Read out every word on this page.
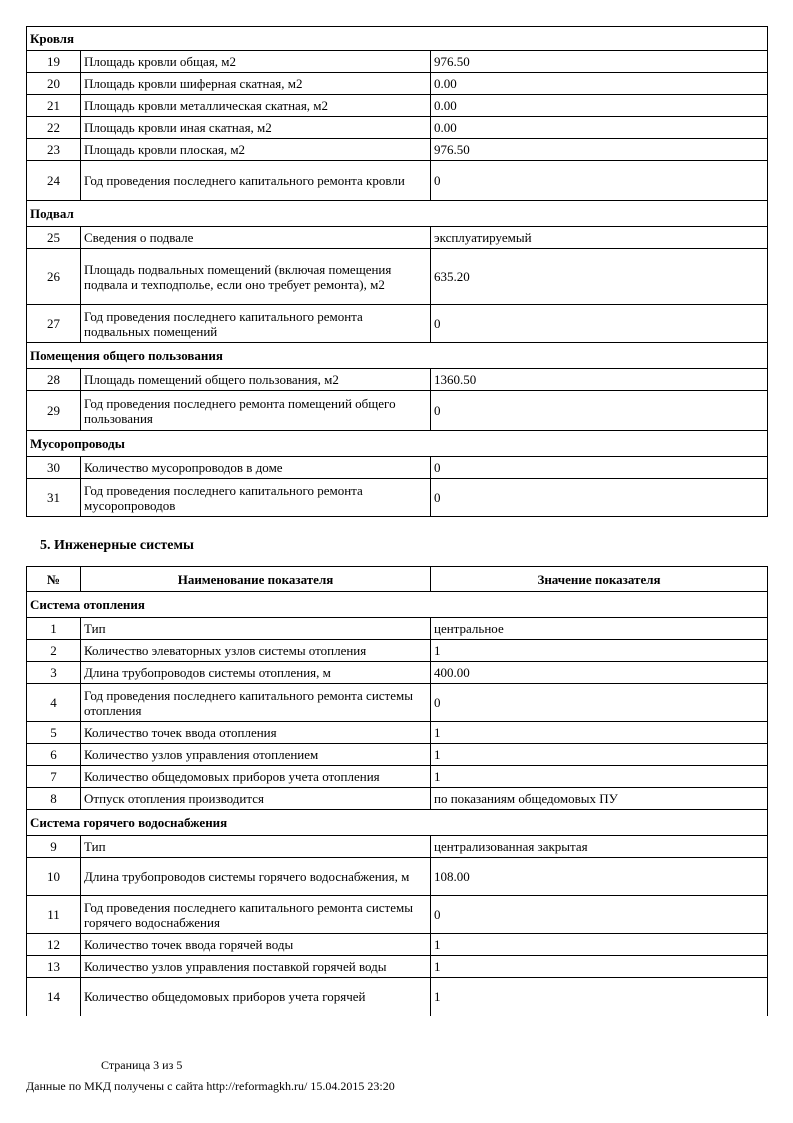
Кровля		
19	Площадь кровли общая, м2	976.50
20	Площадь кровли шиферная скатная, м2	0.00
21	Площадь кровли металлическая скатная, м2	0.00
22	Площадь кровли иная скатная, м2	0.00
23	Площадь кровли плоская, м2	976.50
24	Год проведения последнего капитального ремонта кровли	0
Подвал		
25	Сведения о подвале	эксплуатируемый
26	Площадь подвальных помещений (включая помещения подвала и техподполье, если оно требует ремонта), м2	635.20
27	Год проведения последнего капитального ремонта подвальных помещений	0
Помещения общего пользования		
28	Площадь помещений общего пользования, м2	1360.50
29	Год проведения последнего ремонта помещений общего пользования	0
Мусоропроводы		
30	Количество мусоропроводов в доме	0
31	Год проведения последнего капитального ремонта мусоропроводов	0
5. Инженерные системы
№	Наименование показателя	Значение показателя
Система отопления		
1	Тип	центральное
2	Количество элеваторных узлов системы отопления	1
3	Длина трубопроводов системы отопления, м	400.00
4	Год проведения последнего капитального ремонта системы отопления	0
5	Количество точек ввода отопления	1
6	Количество узлов управления отоплением	1
7	Количество общедомовых приборов учета отопления	1
8	Отпуск отопления производится	по показаниям общедомовых ПУ
Система горячего водоснабжения		
9	Тип	централизованная закрытая
10	Длина трубопроводов системы горячего водоснабжения, м	108.00
11	Год проведения последнего капитального ремонта системы горячего водоснабжения	0
12	Количество точек ввода горячей воды	1
13	Количество узлов управления поставкой горячей воды	1
14	Количество общедомовых приборов учета горячей	1
Страница 3 из 5
Данные по МКД получены с сайта http://reformagkh.ru/ 15.04.2015 23:20
